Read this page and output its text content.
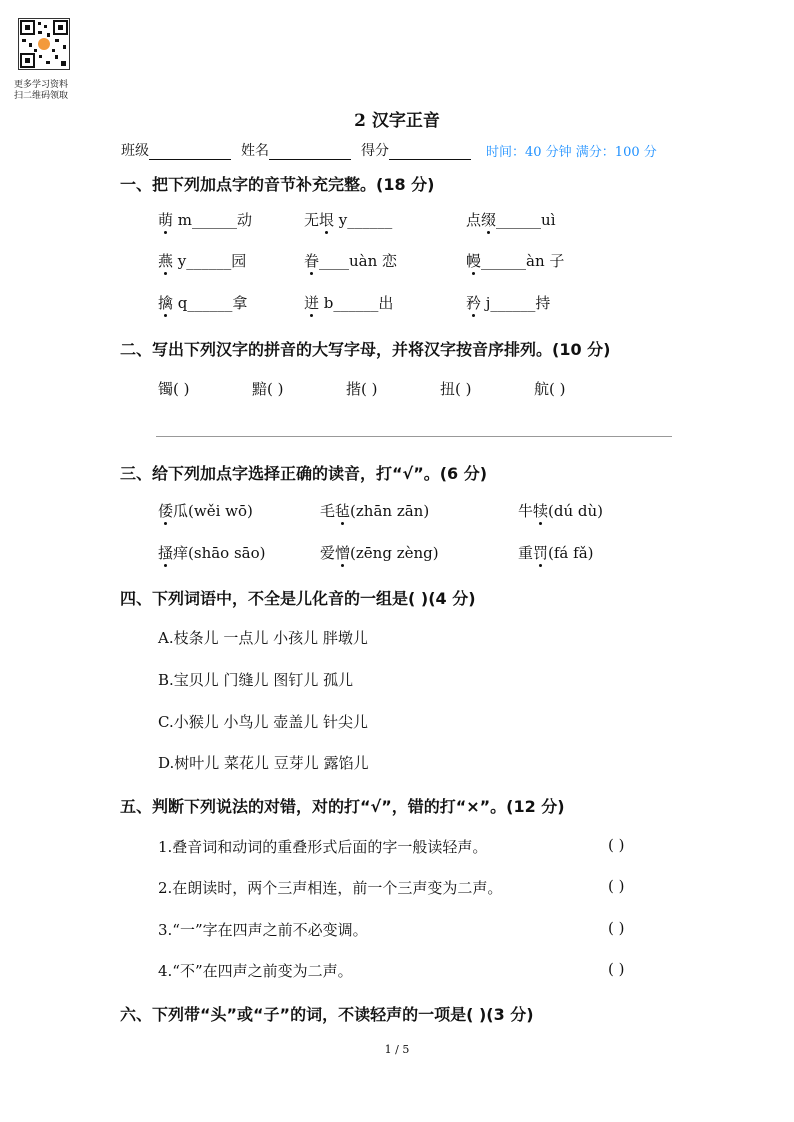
更多学习资料
扫二维码领取
2 汉字正音
班级	姓名	得分	时间：40 分钟 满分：100 分
一、把下列加点字的音节补充完整。(18 分)
萌 m______动	无垠 y______	点缀______uì
燕 y______园	眷____uàn 恋	幔______àn 子
擒 q______拿	迸 b______出	矜 j______持
二、写出下列汉字的拼音的大写字母，并将汉字按音序排列。(10 分)
镯( )	黯( )	揩( )	扭( )	航( )
三、给下列加点字选择正确的读音，打“√”。(6 分)
倭瓜(wěi wō)	毛毡(zhān zān)	牛犊(dú dù)
搔痒(shāo sāo)	爱憎(zēng zèng)	重罚(fá fǎ)
四、下列词语中，不全是儿化音的一组是( )(4 分)
A.枝条儿 一点儿 小孩儿 胖墩儿
B.宝贝儿 门缝儿 图钉儿 孤儿
C.小猴儿 小鸟儿 壶盖儿 针尖儿
D.树叶儿 菜花儿 豆芽儿 露馅儿
五、判断下列说法的对错，对的打“√”，错的打“×”。(12 分)
1.叠音词和动词的重叠形式后面的字一般读轻声。	( )
2.在朗读时，两个三声相连，前一个三声变为二声。	( )
3.“一”字在四声之前不必变调。	( )
4.“不”在四声之前变为二声。	( )
六、下列带“头”或“子”的词，不读轻声的一项是( )(3 分)
1 / 5
